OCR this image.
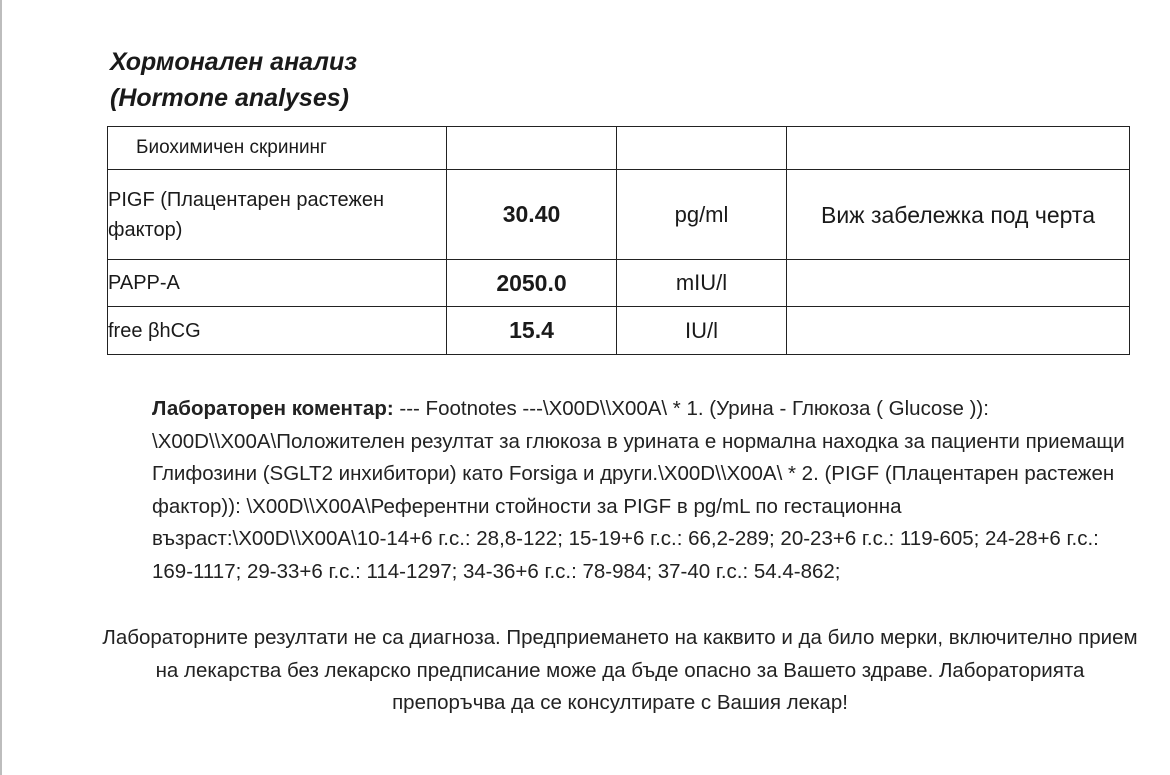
Хормонален анализ
(Hormone analyses)
Биохимичен скрининг			
PIGF (Плацентарен растежен фактор)	30.40	pg/ml	Виж забележка под черта
PAPP-A	2050.0	mIU/l	
free βhCG	15.4	IU/l	
Лабораторен коментар: --- Footnotes ---\X00D\\X00A\ * 1. (Урина - Глюкоза ( Glucose )): \X00D\\X00A\Положителен резултат за глюкоза в урината е нормална находка за пациенти приемащи Глифозини (SGLT2 инхибитори) като Forsiga и други.\X00D\\X00A\ * 2. (PIGF (Плацентарен растежен фактор)): \X00D\\X00A\Референтни стойности за PIGF в pg/mL по гестационна възраст:\X00D\\X00A\10-14+6 г.с.: 28,8-122; 15-19+6 г.с.: 66,2-289; 20-23+6 г.с.: 119-605; 24-28+6 г.с.: 169-1117; 29-33+6 г.с.: 114-1297; 34-36+6 г.с.: 78-984; 37-40 г.с.: 54.4-862;
Лабораторните резултати не са диагноза. Предприемането на каквито и да било мерки, включително прием на лекарства без лекарско предписание може да бъде опасно за Вашето здраве. Лабораторията препоръчва да се консултирате с Вашия лекар!
